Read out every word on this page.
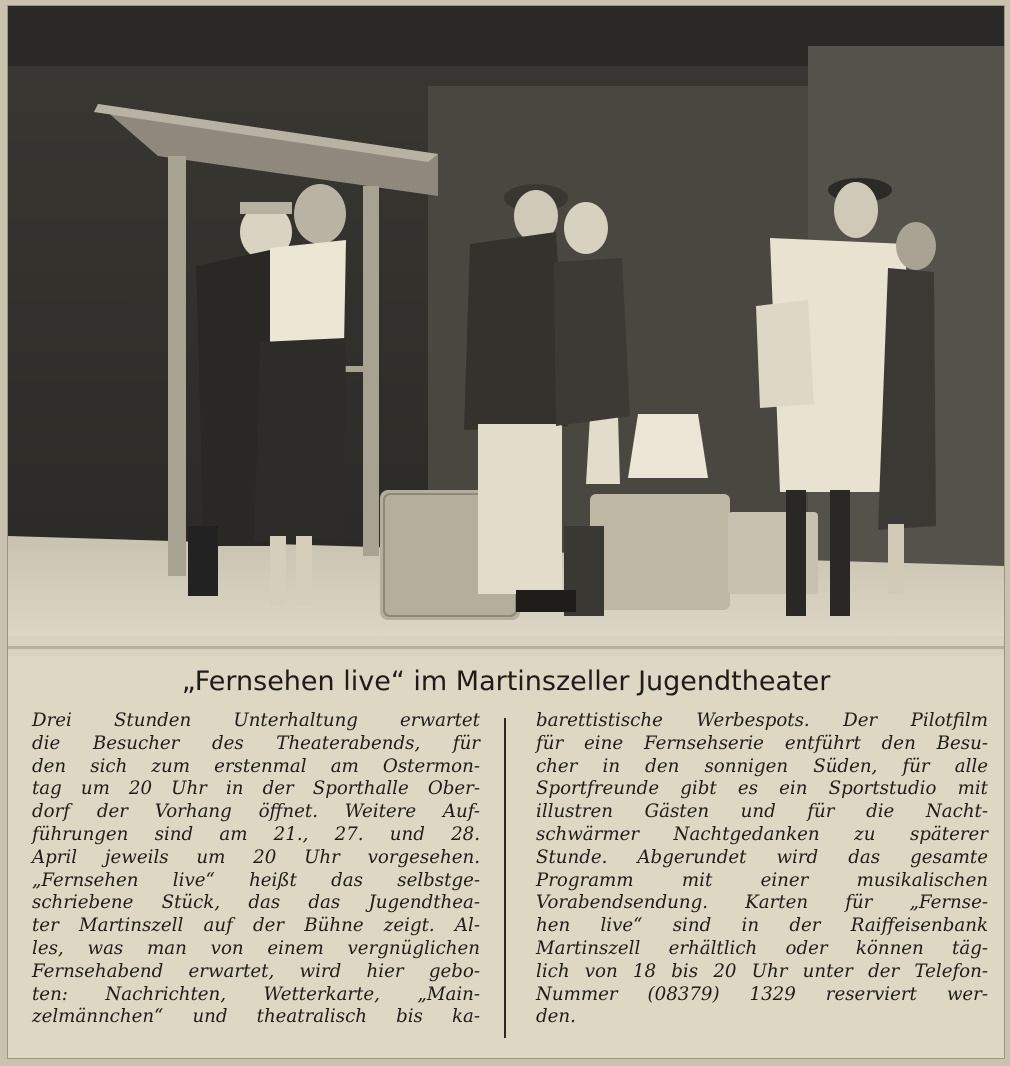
„Fernsehen live“ im Martinszeller Jugendtheater
Drei Stunden Unterhaltung erwartet
die Besucher des Theaterabends, für
den sich zum erstenmal am Ostermon-
tag um 20 Uhr in der Sporthalle Ober-
dorf der Vorhang öffnet. Weitere Auf-
führungen sind am 21., 27. und 28.
April jeweils um 20 Uhr vorgesehen.
„Fernsehen live“ heißt das selbstge-
schriebene Stück, das das Jugendthea-
ter Martinszell auf der Bühne zeigt. Al-
les, was man von einem vergnüglichen
Fernsehabend erwartet, wird hier gebo-
ten: Nachrichten, Wetterkarte, „Main-
zelmännchen“ und theatralisch bis ka-
barettistische Werbespots. Der Pilotfilm
für eine Fernsehserie entführt den Besu-
cher in den sonnigen Süden, für alle
Sportfreunde gibt es ein Sportstudio mit
illustren Gästen und für die Nacht-
schwärmer Nachtgedanken zu späterer
Stunde. Abgerundet wird das gesamte
Programm mit einer musikalischen
Vorabendsendung. Karten für „Fernse-
hen live“ sind in der Raiffeisenbank
Martinszell erhältlich oder können täg-
lich von 18 bis 20 Uhr unter der Telefon-
Nummer (08379) 1329 reserviert wer-
den.
